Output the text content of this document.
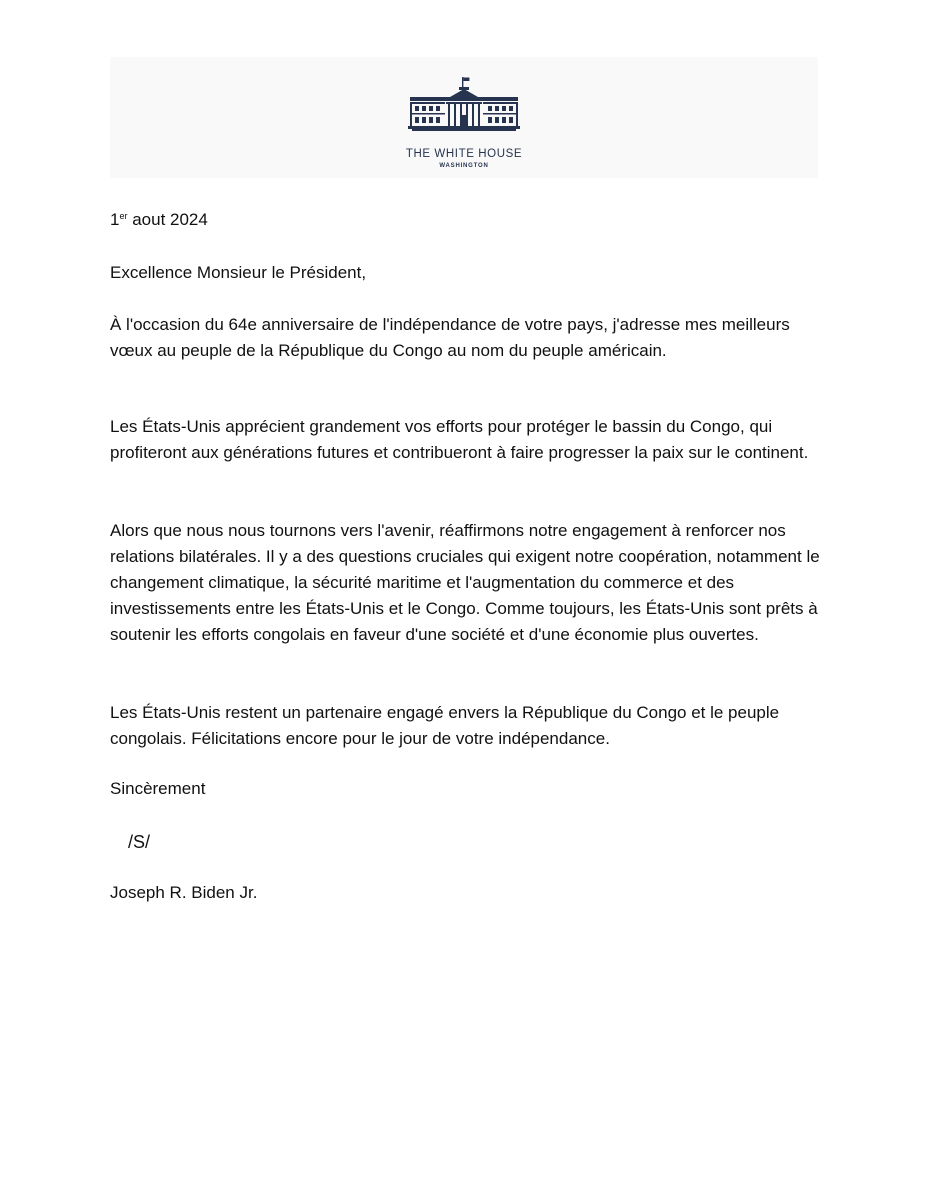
THE WHITE HOUSE
WASHINGTON

1er aout 2024

Excellence Monsieur le Président,

À l'occasion du 64e anniversaire de l'indépendance de votre pays, j'adresse mes meilleurs vœux au peuple de la République du Congo au nom du peuple américain.

Les États-Unis apprécient grandement vos efforts pour protéger le bassin du Congo, qui profiteront aux générations futures et contribueront à faire progresser la paix sur le continent.

Alors que nous nous tournons vers l'avenir, réaffirmons notre engagement à renforcer nos relations bilatérales. Il y a des questions cruciales qui exigent notre coopération, notamment le changement climatique, la sécurité maritime et l'augmentation du commerce et des investissements entre les États-Unis et le Congo. Comme toujours, les États-Unis sont prêts à soutenir les efforts congolais en faveur d'une société et d'une économie plus ouvertes.

Les États-Unis restent un partenaire engagé envers la République du Congo et le peuple congolais. Félicitations encore pour le jour de votre indépendance.

Sincèrement

/S/

Joseph R. Biden Jr.
